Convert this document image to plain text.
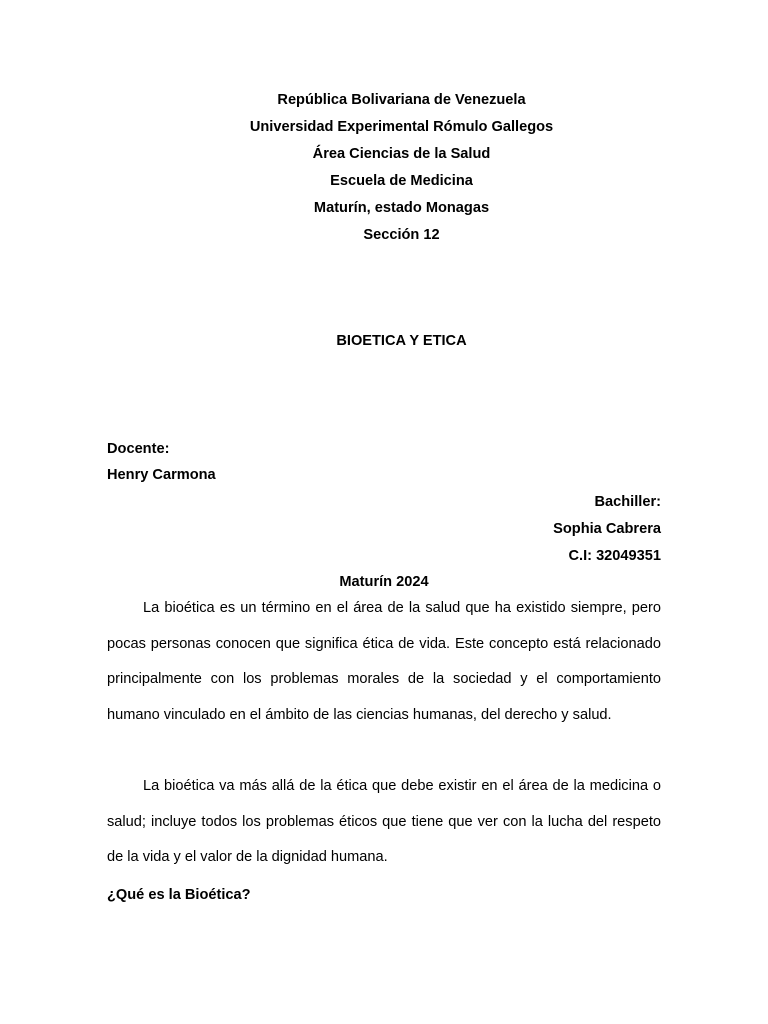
República Bolivariana de Venezuela
Universidad Experimental Rómulo Gallegos
Área Ciencias de la Salud
Escuela de Medicina
Maturín, estado Monagas
Sección 12
BIOETICA Y ETICA
Docente:
Henry Carmona
Bachiller:
Sophia Cabrera
C.I: 32049351
Maturín 2024

La bioética es un término en el área de la salud que ha existido siempre, pero pocas personas conocen que significa ética de vida. Este concepto está relacionado principalmente con los problemas morales de la sociedad y el comportamiento humano vinculado en el ámbito de las ciencias humanas, del derecho y salud.

La bioética va más allá de la ética que debe existir en el área de la medicina o salud; incluye todos los problemas éticos que tiene que ver con la lucha del respeto de la vida y el valor de la dignidad humana.

¿Qué es la Bioética?
